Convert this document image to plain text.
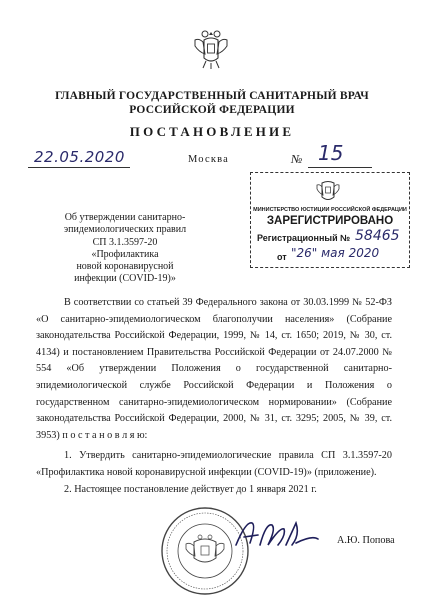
ГЛАВНЫЙ ГОСУДАРСТВЕННЫЙ САНИТАРНЫЙ ВРАЧ
РОССИЙСКОЙ ФЕДЕРАЦИИ
ПОСТАНОВЛЕНИЕ
22.05.2020	Москва	№ 15
МИНИСТЕРСТВО ЮСТИЦИИ РОССИЙСКОЙ ФЕДЕРАЦИИ
ЗАРЕГИСТРИРОВАНО
Регистрационный № 58465
от "26" мая 2020
Об утверждении санитарно-
эпидемиологических правил
СП 3.1.3597-20 «Профилактика
новой коронавирусной
инфекции (COVID-19)»
В соответствии со статьей 39 Федерального закона от 30.03.1999 № 52-ФЗ «О санитарно-эпидемиологическом благополучии населения» (Собрание законодательства Российской Федерации, 1999, № 14, ст. 1650; 2019, № 30, ст. 4134) и постановлением Правительства Российской Федерации от 24.07.2000 № 554 «Об утверждении Положения о государственной санитарно-эпидемиологической службе Российской Федерации и Положения о государственном санитарно-эпидемиологическом нормировании» (Собрание законодательства Российской Федерации, 2000, № 31, ст. 3295; 2005, № 39, ст. 3953) п о с т а н о в л я ю:
1. Утвердить санитарно-эпидемиологические правила СП 3.1.3597-20 «Профилактика новой коронавирусной инфекции (COVID-19)» (приложение).
2. Настоящее постановление действует до 1 января 2021 г.
А.Ю. Попова
